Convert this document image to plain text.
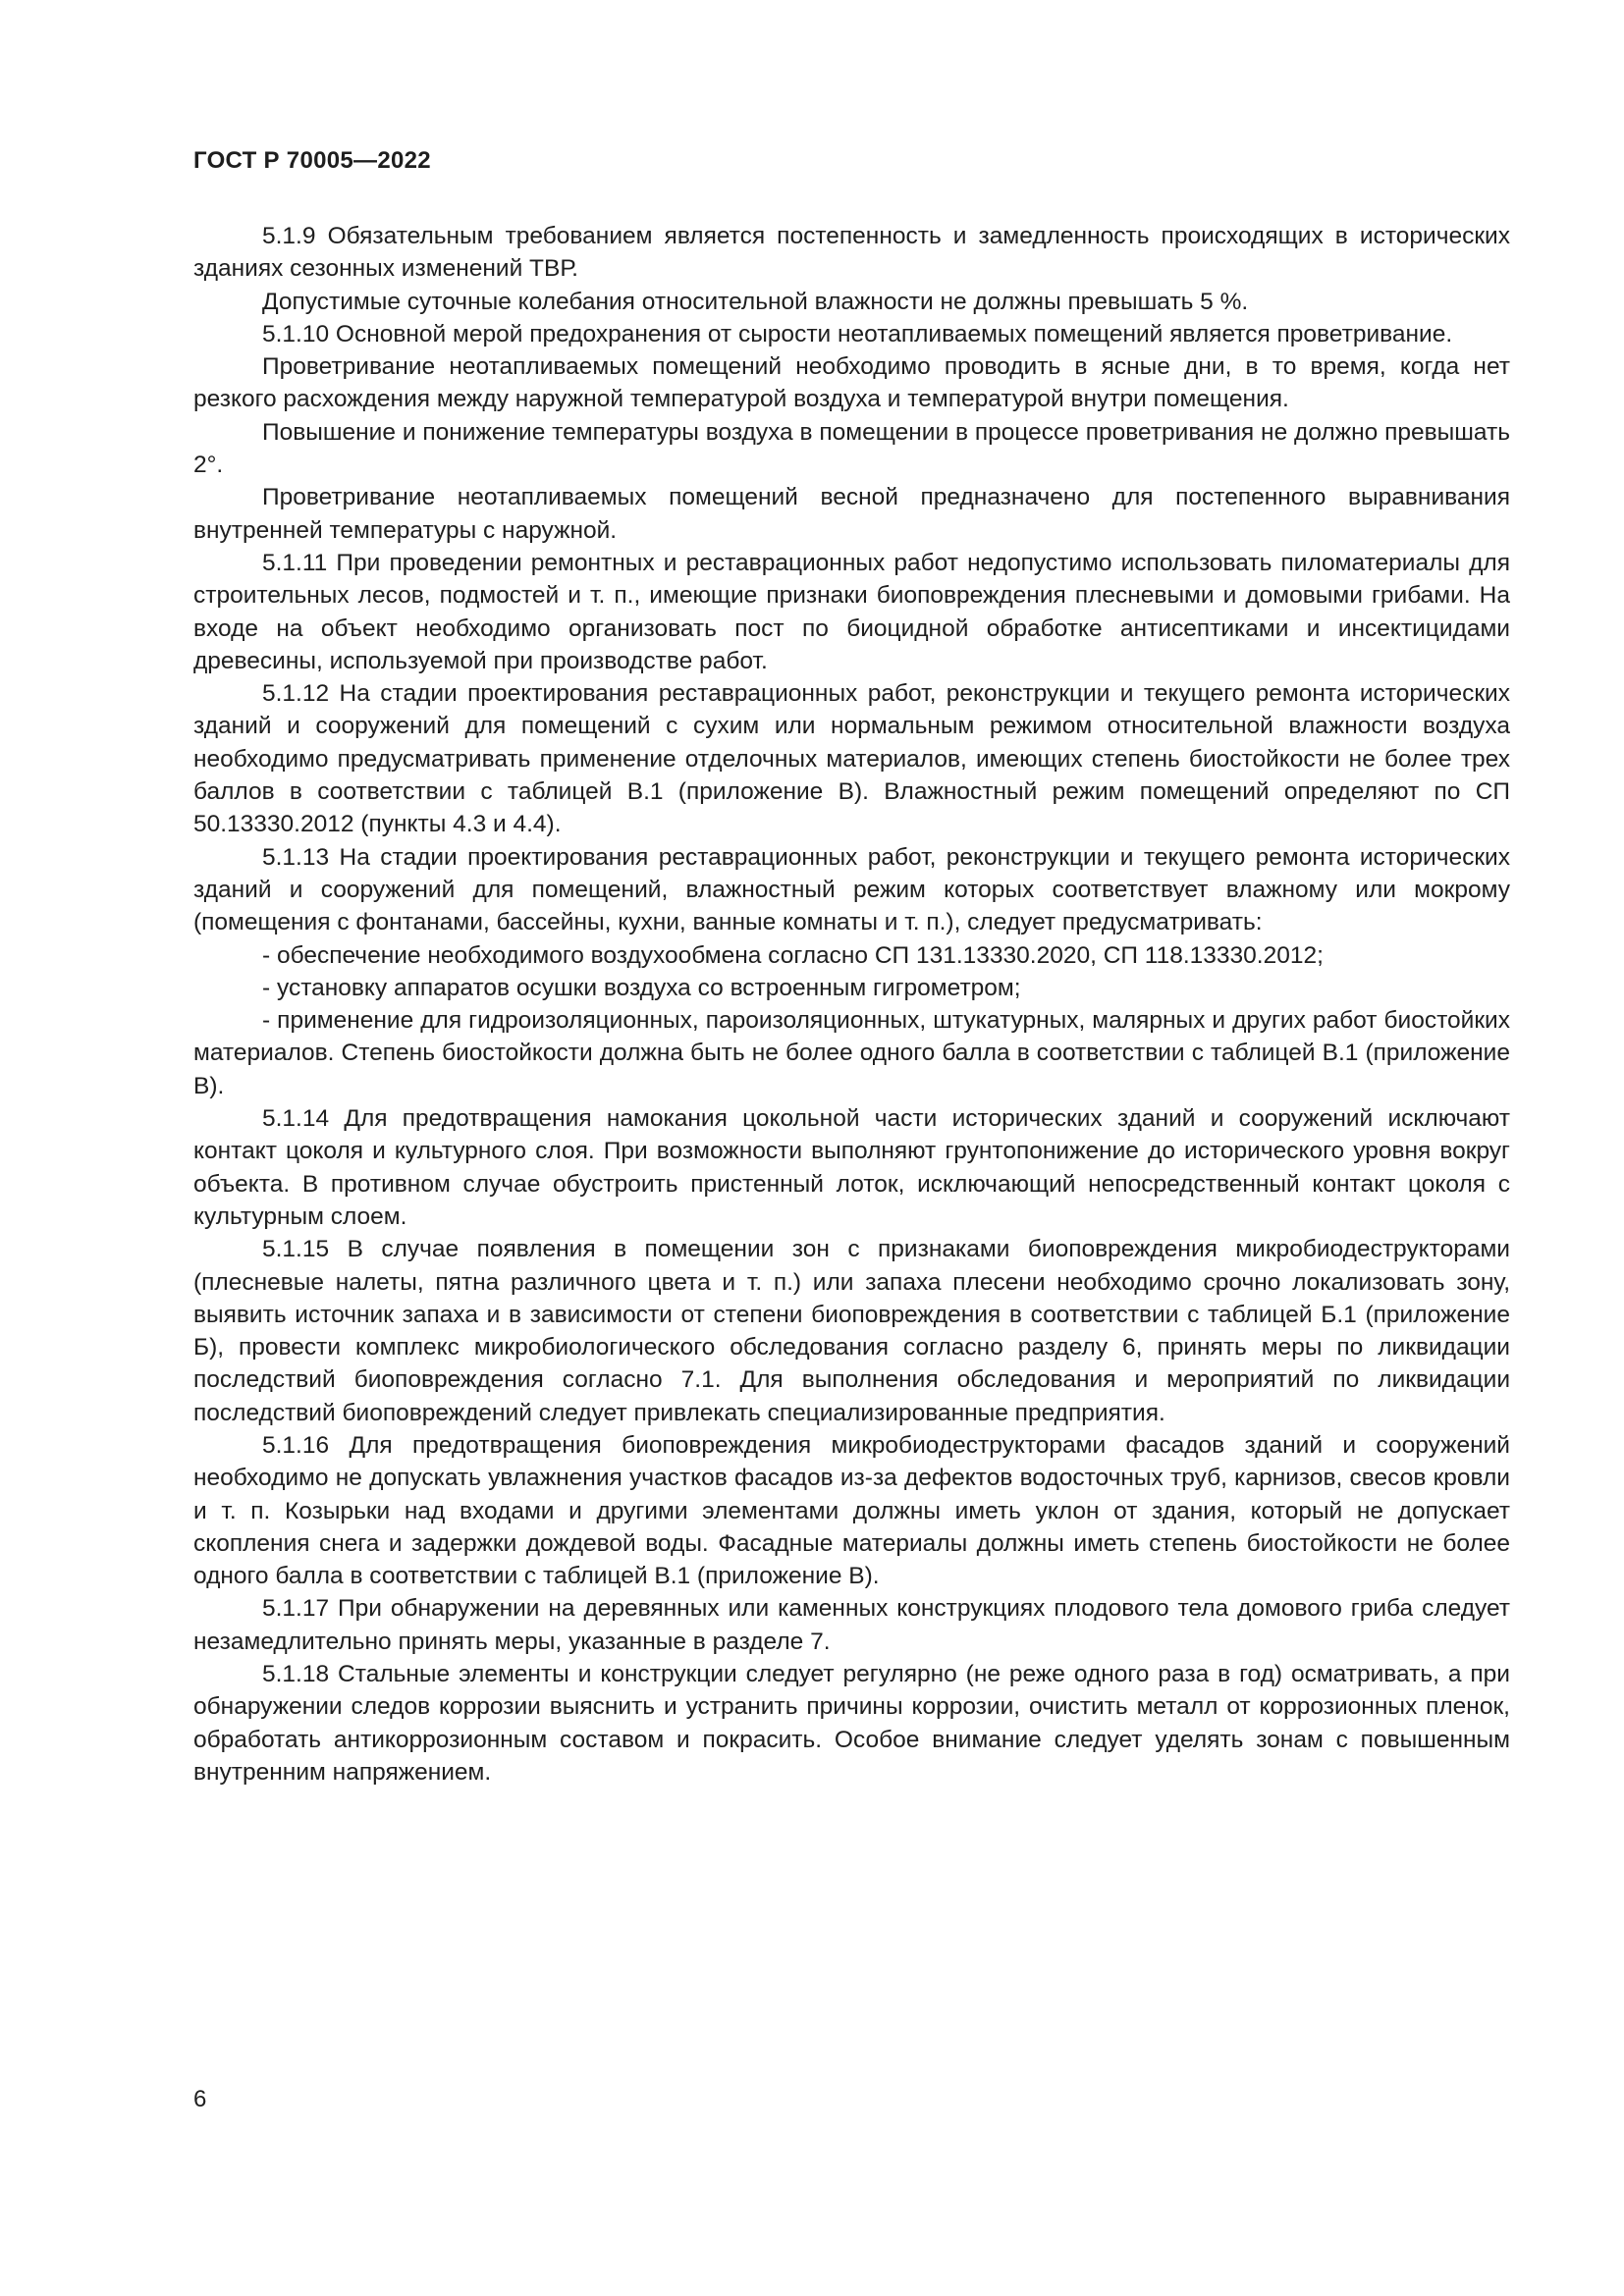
ГОСТ Р 70005—2022

5.1.9 Обязательным требованием является постепенность и замедленность происходящих в исторических зданиях сезонных изменений ТВР.

Допустимые суточные колебания относительной влажности не должны превышать 5 %.

5.1.10 Основной мерой предохранения от сырости неотапливаемых помещений является проветривание.

Проветривание неотапливаемых помещений необходимо проводить в ясные дни, в то время, когда нет резкого расхождения между наружной температурой воздуха и температурой внутри помещения.

Повышение и понижение температуры воздуха в помещении в процессе проветривания не должно превышать 2°.

Проветривание неотапливаемых помещений весной предназначено для постепенного выравнивания внутренней температуры с наружной.

5.1.11 При проведении ремонтных и реставрационных работ недопустимо использовать пиломатериалы для строительных лесов, подмостей и т. п., имеющие признаки биоповреждения плесневыми и домовыми грибами. На входе на объект необходимо организовать пост по биоцидной обработке антисептиками и инсектицидами древесины, используемой при производстве работ.

5.1.12 На стадии проектирования реставрационных работ, реконструкции и текущего ремонта исторических зданий и сооружений для помещений с сухим или нормальным режимом относительной влажности воздуха необходимо предусматривать применение отделочных материалов, имеющих степень биостойкости не более трех баллов в соответствии с таблицей В.1 (приложение В). Влажностный режим помещений определяют по СП 50.13330.2012 (пункты 4.3 и 4.4).

5.1.13 На стадии проектирования реставрационных работ, реконструкции и текущего ремонта исторических зданий и сооружений для помещений, влажностный режим которых соответствует влажному или мокрому (помещения с фонтанами, бассейны, кухни, ванные комнаты и т. п.), следует предусматривать:

- обеспечение необходимого воздухообмена согласно СП 131.13330.2020, СП 118.13330.2012;

- установку аппаратов осушки воздуха со встроенным гигрометром;

- применение для гидроизоляционных, пароизоляционных, штукатурных, малярных и других работ биостойких материалов. Степень биостойкости должна быть не более одного балла в соответствии с таблицей В.1 (приложение В).

5.1.14 Для предотвращения намокания цокольной части исторических зданий и сооружений исключают контакт цоколя и культурного слоя. При возможности выполняют грунтопонижение до исторического уровня вокруг объекта. В противном случае обустроить пристенный лоток, исключающий непосредственный контакт цоколя с культурным слоем.

5.1.15 В случае появления в помещении зон с признаками биоповреждения микробиодеструкторами (плесневые налеты, пятна различного цвета и т. п.) или запаха плесени необходимо срочно локализовать зону, выявить источник запаха и в зависимости от степени биоповреждения в соответствии с таблицей Б.1 (приложение Б), провести комплекс микробиологического обследования согласно разделу 6, принять меры по ликвидации последствий биоповреждения согласно 7.1. Для выполнения обследования и мероприятий по ликвидации последствий биоповреждений следует привлекать специализированные предприятия.

5.1.16 Для предотвращения биоповреждения микробиодеструкторами фасадов зданий и сооружений необходимо не допускать увлажнения участков фасадов из-за дефектов водосточных труб, карнизов, свесов кровли и т. п. Козырьки над входами и другими элементами должны иметь уклон от здания, который не допускает скопления снега и задержки дождевой воды. Фасадные материалы должны иметь степень биостойкости не более одного балла в соответствии с таблицей В.1 (приложение В).

5.1.17 При обнаружении на деревянных или каменных конструкциях плодового тела домового гриба следует незамедлительно принять меры, указанные в разделе 7.

5.1.18 Стальные элементы и конструкции следует регулярно (не реже одного раза в год) осматривать, а при обнаружении следов коррозии выяснить и устранить причины коррозии, очистить металл от коррозионных пленок, обработать антикоррозионным составом и покрасить. Особое внимание следует уделять зонам с повышенным внутренним напряжением.

6
